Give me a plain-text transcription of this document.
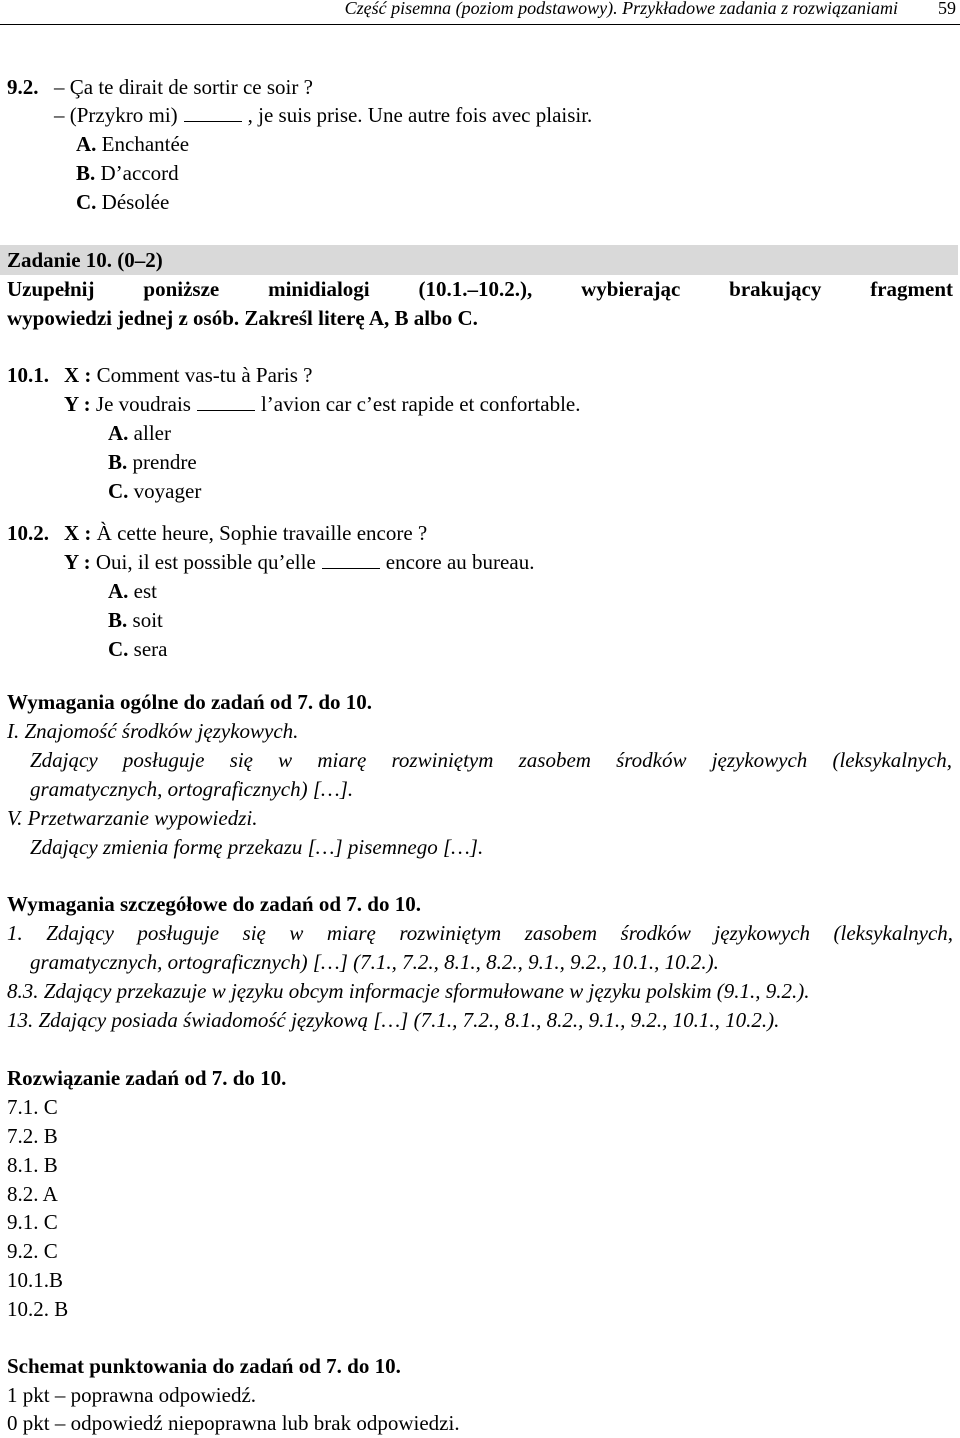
Część pisemna (poziom podstawowy). Przykładowe zadania z rozwiązaniami 59
9.2. – Ça te dirait de sortir ce soir ?
– (Przykro mi)	, je suis prise. Une autre fois avec plaisir.
A. Enchantée
B. D’accord
C. Désolée
Zadanie 10. (0–2)
Uzupełnij poniższe minidialogi (10.1.–10.2.), wybierając brakujący fragment
wypowiedzi jednej z osób. Zakreśl literę A, B albo C.
10.1. X : Comment vas-tu à Paris ?
Y : Je voudrais	l’avion car c’est rapide et confortable.
A. aller
B. prendre
C. voyager
10.2. X : À cette heure, Sophie travaille encore ?
Y : Oui, il est possible qu’elle	encore au bureau.
A. est
B. soit
C. sera
Wymagania ogólne do zadań od 7. do 10.
I. Znajomość środków językowych.
Zdający posługuje się w miarę rozwiniętym zasobem środków językowych (leksykalnych,
gramatycznych, ortograficznych) […].
V. Przetwarzanie wypowiedzi.
Zdający zmienia formę przekazu […] pisemnego […].
Wymagania szczegółowe do zadań od 7. do 10.
1. Zdający posługuje się w miarę rozwiniętym zasobem środków językowych (leksykalnych,
gramatycznych, ortograficznych) […] (7.1., 7.2., 8.1., 8.2., 9.1., 9.2., 10.1., 10.2.).
8.3. Zdający przekazuje w języku obcym informacje sformułowane w języku polskim (9.1., 9.2.).
13. Zdający posiada świadomość językową […] (7.1., 7.2., 8.1., 8.2., 9.1., 9.2., 10.1., 10.2.).
Rozwiązanie zadań od 7. do 10.
7.1. C
7.2. B
8.1. B
8.2. A
9.1. C
9.2. C
10.1.B
10.2. B
Schemat punktowania do zadań od 7. do 10.
1 pkt – poprawna odpowiedź.
0 pkt – odpowiedź niepoprawna lub brak odpowiedzi.
